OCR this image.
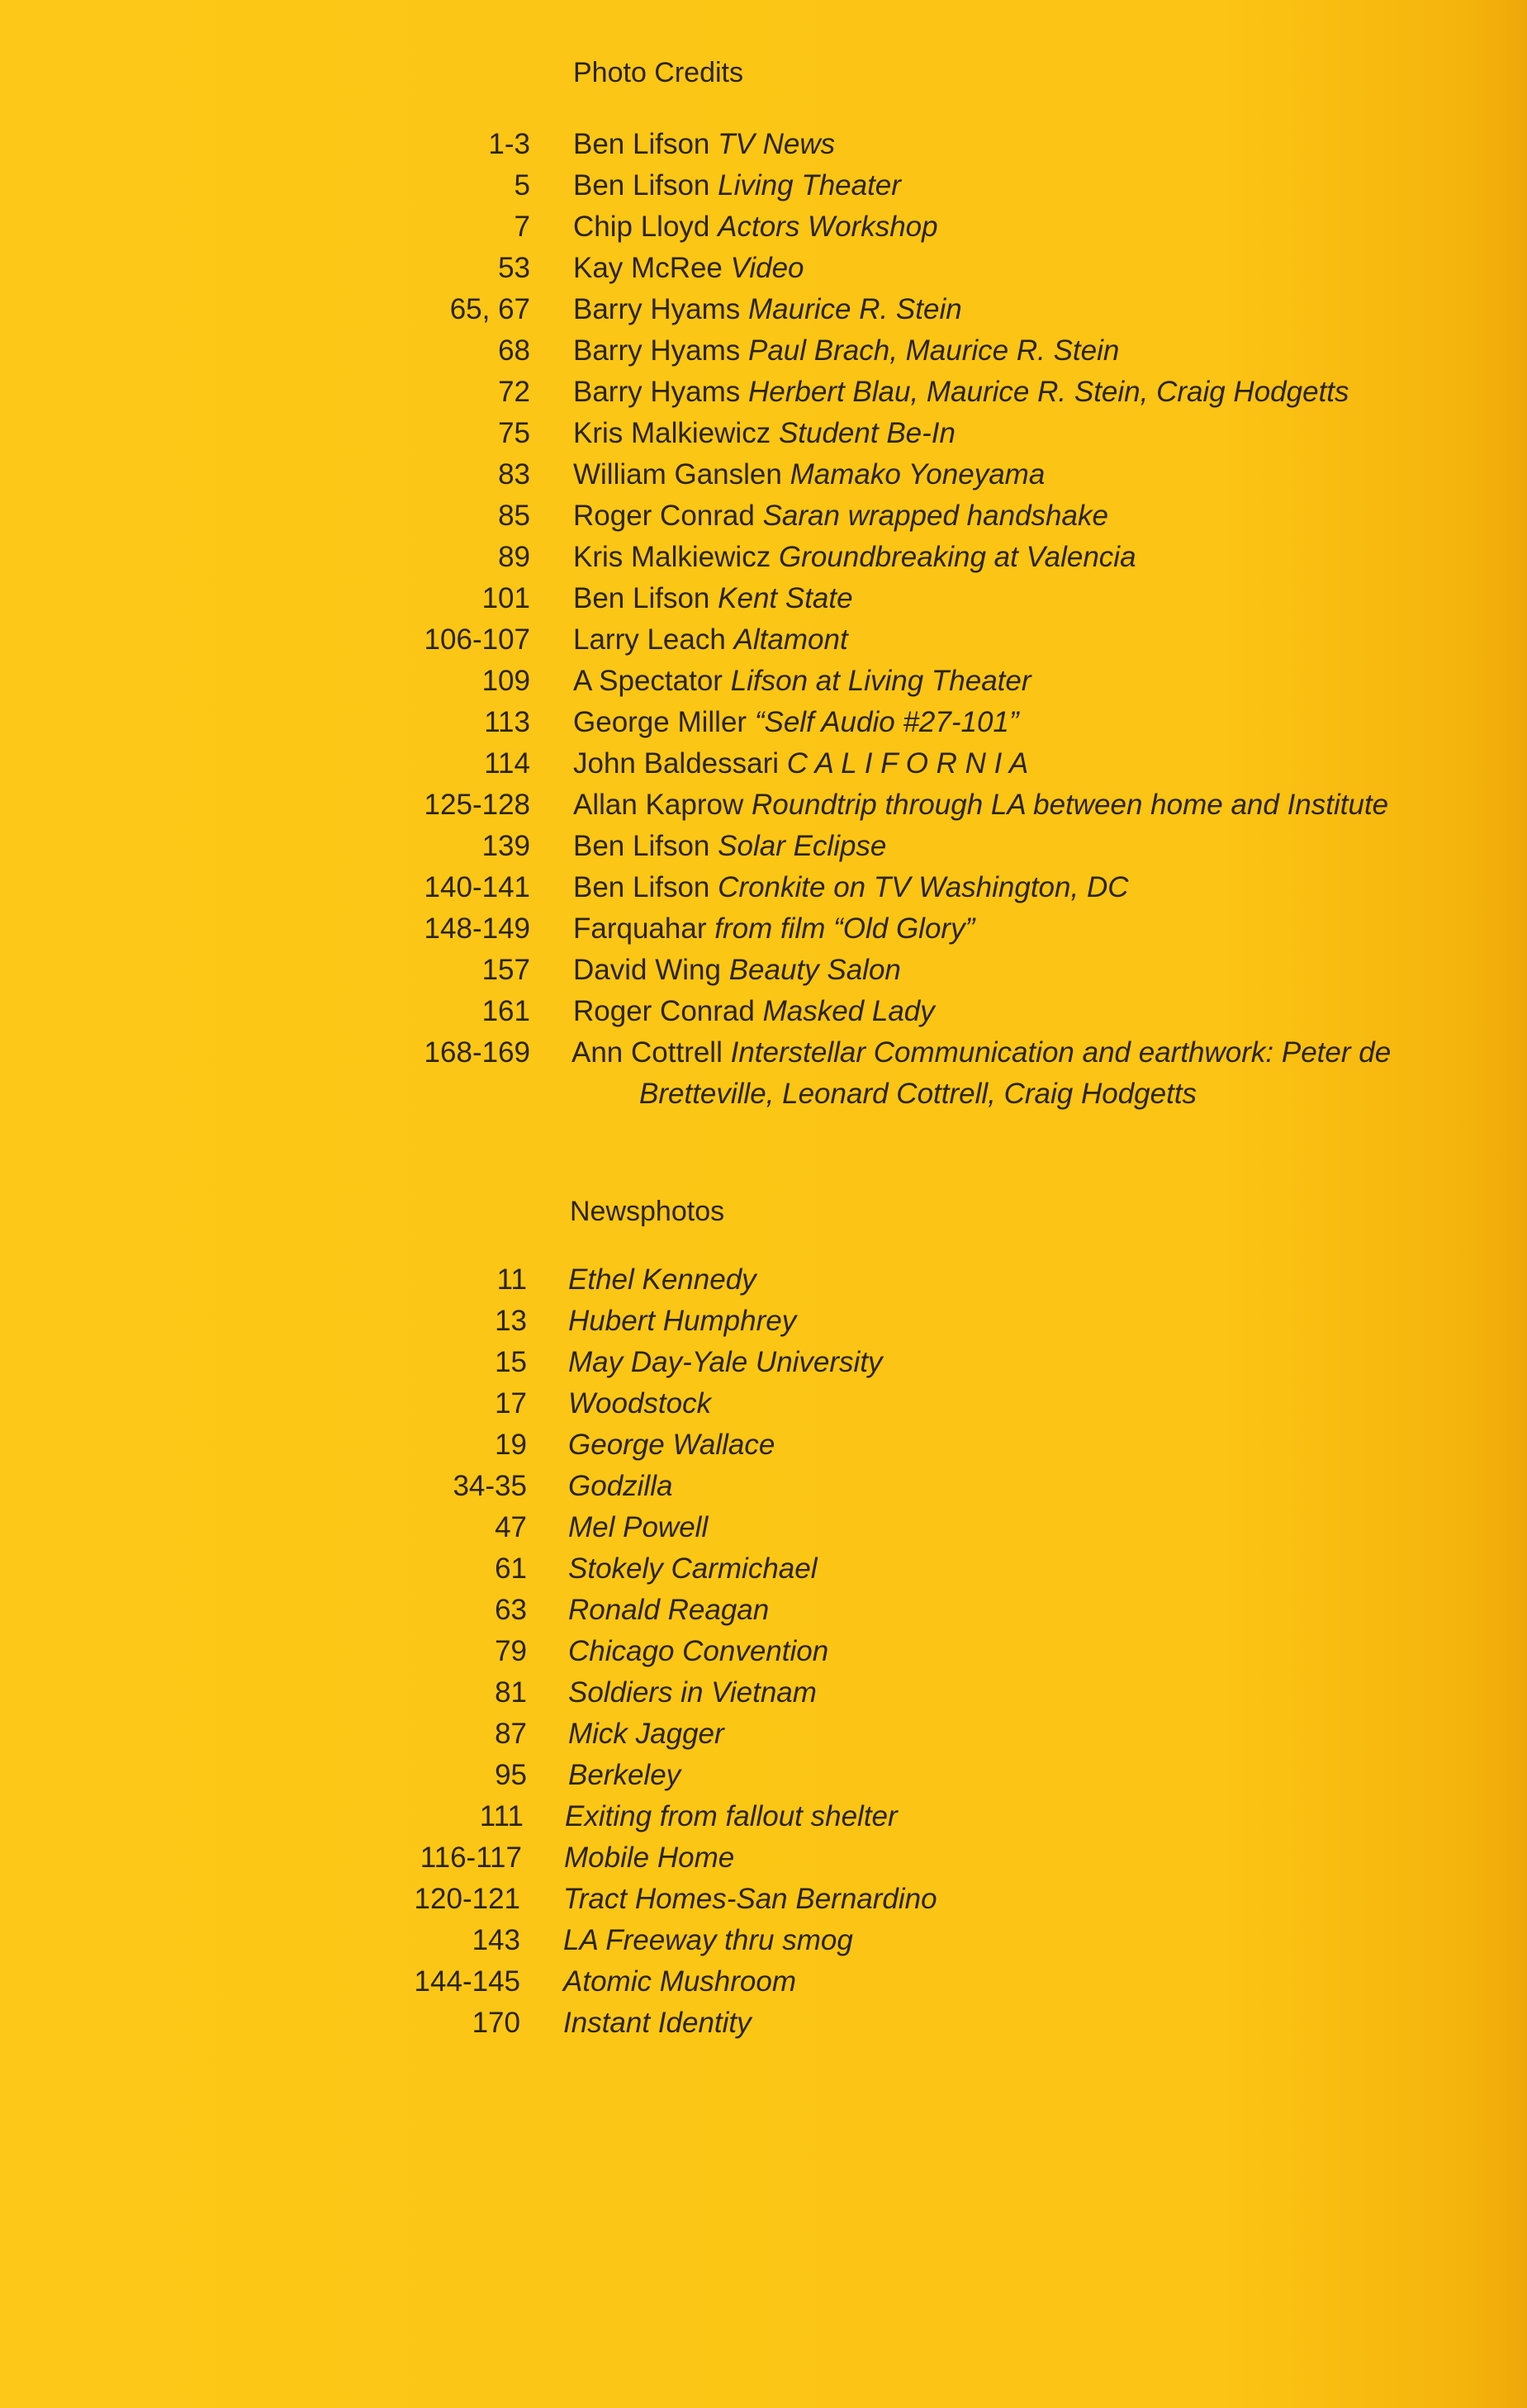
Photo Credits
1-3 Ben Lifson TV News
5 Ben Lifson Living Theater
7 Chip Lloyd Actors Workshop
53 Kay McRee Video
65, 67 Barry Hyams Maurice R. Stein
68 Barry Hyams Paul Brach, Maurice R. Stein
72 Barry Hyams Herbert Blau, Maurice R. Stein, Craig Hodgetts
75 Kris Malkiewicz Student Be-In
83 William Ganslen Mamako Yoneyama
85 Roger Conrad Saran wrapped handshake
89 Kris Malkiewicz Groundbreaking at Valencia
101 Ben Lifson Kent State
106-107 Larry Leach Altamont
109 A Spectator Lifson at Living Theater
113 George Miller “Self Audio #27-101”
114 John Baldessari C A L I F O R N I A
125-128 Allan Kaprow Roundtrip through LA between home and Institute
139 Ben Lifson Solar Eclipse
140-141 Ben Lifson Cronkite on TV Washington, DC
148-149 Farquahar from film “Old Glory”
157 David Wing Beauty Salon
161 Roger Conrad Masked Lady
168-169 Ann Cottrell Interstellar Communication and earthwork: Peter de
Bretteville, Leonard Cottrell, Craig Hodgetts
Newsphotos
11 Ethel Kennedy
13 Hubert Humphrey
15 May Day-Yale University
17 Woodstock
19 George Wallace
34-35 Godzilla
47 Mel Powell
61 Stokely Carmichael
63 Ronald Reagan
79 Chicago Convention
81 Soldiers in Vietnam
87 Mick Jagger
95 Berkeley
111 Exiting from fallout shelter
116-117 Mobile Home
120-121 Tract Homes-San Bernardino
143 LA Freeway thru smog
144-145 Atomic Mushroom
170 Instant Identity
